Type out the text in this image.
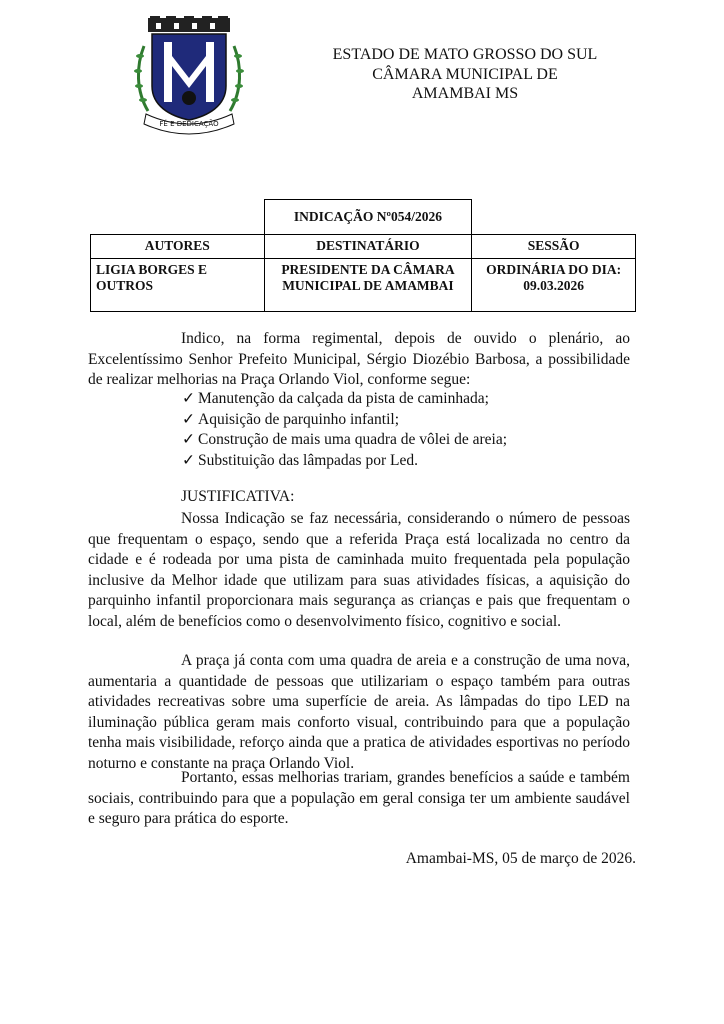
FÉ E DEDICAÇÃO
ESTADO DE MATO GROSSO DO SUL
CÂMARA MUNICIPAL DE
AMAMBAI MS
	INDICAÇÃO Nº054/2026	
AUTORES	DESTINATÁRIO	SESSÃO
LIGIA BORGES E OUTROS	PRESIDENTE DA CÂMARA MUNICIPAL DE AMAMBAI	ORDINÁRIA DO DIA: 09.03.2026
Indico, na forma regimental, depois de ouvido o plenário, ao Excelentíssimo Senhor Prefeito Municipal, Sérgio Diozébio Barbosa, a possibilidade de realizar melhorias na Praça Orlando Viol, conforme segue:
✓ Manutenção da calçada da pista de caminhada;
✓ Aquisição de parquinho infantil;
✓ Construção de mais uma quadra de vôlei de areia;
✓ Substituição das lâmpadas por Led.
JUSTIFICATIVA:
Nossa Indicação se faz necessária, considerando o número de pessoas que frequentam o espaço, sendo que a referida Praça está localizada no centro da cidade e é rodeada por uma pista de caminhada muito frequentada pela população inclusive da Melhor idade que utilizam para suas atividades físicas, a aquisição do parquinho infantil proporcionara mais segurança as crianças e pais que frequentam o local, além de benefícios como o desenvolvimento físico, cognitivo e social.
A praça já conta com uma quadra de areia e a construção de uma nova, aumentaria a quantidade de pessoas que utilizariam o espaço também para outras atividades recreativas sobre uma superfície de areia. As lâmpadas do tipo LED na iluminação pública geram mais conforto visual, contribuindo para que a população tenha mais visibilidade, reforço ainda que a pratica de atividades esportivas no período noturno e constante na praça Orlando Viol.
Portanto, essas melhorias trariam, grandes benefícios a saúde e também sociais, contribuindo para que a população em geral consiga ter um ambiente saudável e seguro para prática do esporte.
Amambai-MS, 05 de março de 2026.
